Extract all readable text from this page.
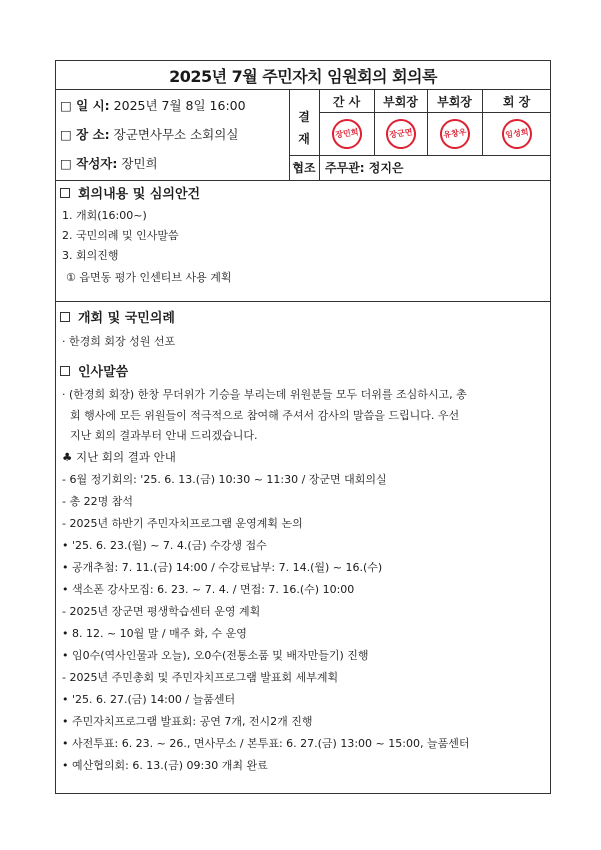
2025년 7월 주민자치 임원회의 회의록
□ 일 시: 2025년 7월 8일 16:00
□ 장 소: 장군면사무소 소회의실
□ 작성자: 장민희
결
재
간 사	부회장	부회장	회 장
장민희	장군면	유창우	임성희
협조 주무관: 정지은
회의내용 및 심의안건
1. 개회(16:00~)
2. 국민의례 및 인사말씀
3. 회의진행
① 읍면동 평가 인센티브 사용 계획
개회 및 국민의례
· 한경희 회장 성원 선포
인사말씀
· (한경희 회장) 한창 무더위가 기승을 부리는데 위원분들 모두 더위를 조심하시고, 총
회 행사에 모든 위원들이 적극적으로 참여해 주셔서 감사의 말씀을 드립니다. 우선
지난 회의 결과부터 안내 드리겠습니다.
♣ 지난 회의 결과 안내
- 6월 정기회의: '25. 6. 13.(금) 10:30 ~ 11:30 / 장군면 대회의실
- 총 22명 참석
- 2025년 하반기 주민자치프로그램 운영계획 논의
• '25. 6. 23.(월) ~ 7. 4.(금) 수강생 접수
• 공개추첨: 7. 11.(금) 14:00 / 수강료납부: 7. 14.(월) ~ 16.(수)
• 색소폰 강사모집: 6. 23. ~ 7. 4. / 면접: 7. 16.(수) 10:00
- 2025년 장군면 평생학습센터 운영 계획
• 8. 12. ~ 10월 말 / 매주 화, 수 운영
• 임0수(역사인물과 오늘), 오0수(전통소품 및 배자만들기) 진행
- 2025년 주민총회 및 주민자치프로그램 발표회 세부계획
• '25. 6. 27.(금) 14:00 / 늘품센터
• 주민자치프로그램 발표회: 공연 7개, 전시2개 진행
• 사전투표: 6. 23. ~ 26., 면사무소 / 본투표: 6. 27.(금) 13:00 ~ 15:00, 늘품센터
• 예산협의회: 6. 13.(금) 09:30 개최 완료
